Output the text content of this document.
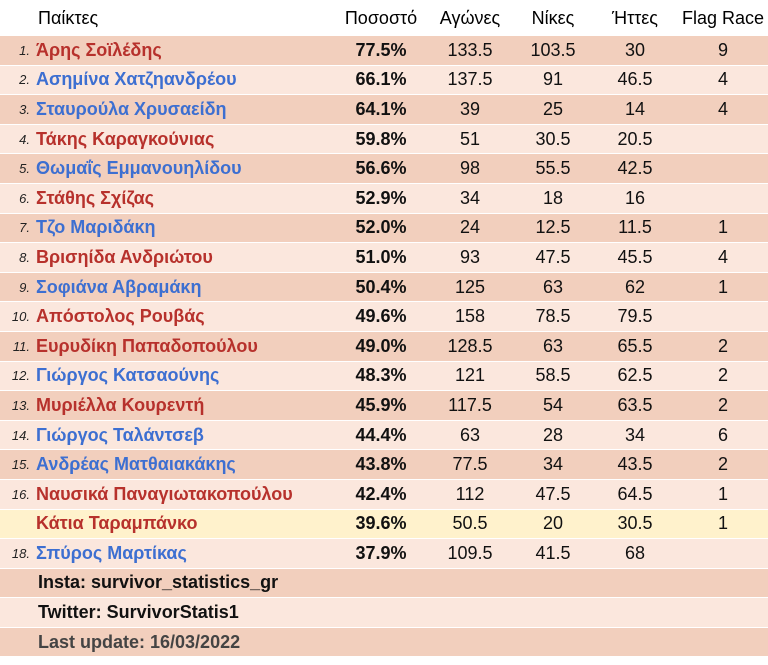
Παίκτες	Ποσοστό	Αγώνες	Νίκες	Ήττες	Flag Race
1. Άρης Σοϊλέδης	77.5%	133.5	103.5	30	9
2. Ασημίνα Χατζηανδρέου	66.1%	137.5	91	46.5	4
3. Σταυρούλα Χρυσαείδη	64.1%	39	25	14	4
4. Τάκης Καραγκούνιας	59.8%	51	30.5	20.5
5. Θωμαΐς Εμμανουηλίδου	56.6%	98	55.5	42.5
6. Στάθης Σχίζας	52.9%	34	18	16
7. Τζο Μαριδάκη	52.0%	24	12.5	11.5	1
8. Βρισηίδα Ανδριώτου	51.0%	93	47.5	45.5	4
9. Σοφιάνα Αβραμάκη	50.4%	125	63	62	1
10. Απόστολος Ρουβάς	49.6%	158	78.5	79.5
11. Ευρυδίκη Παπαδοπούλου	49.0%	128.5	63	65.5	2
12. Γιώργος Κατσαούνης	48.3%	121	58.5	62.5	2
13. Μυριέλλα Κουρεντή	45.9%	117.5	54	63.5	2
14. Γιώργος Ταλάντσεβ	44.4%	63	28	34	6
15. Ανδρέας Ματθαιακάκης	43.8%	77.5	34	43.5	2
16. Ναυσικά Παναγιωτακοπούλου	42.4%	112	47.5	64.5	1
Κάτια Ταραμπάνκο	39.6%	50.5	20	30.5	1
18. Σπύρος Μαρτίκας	37.9%	109.5	41.5	68
Insta: survivor_statistics_gr
Twitter: SurvivorStatis1
Last update: 16/03/2022
